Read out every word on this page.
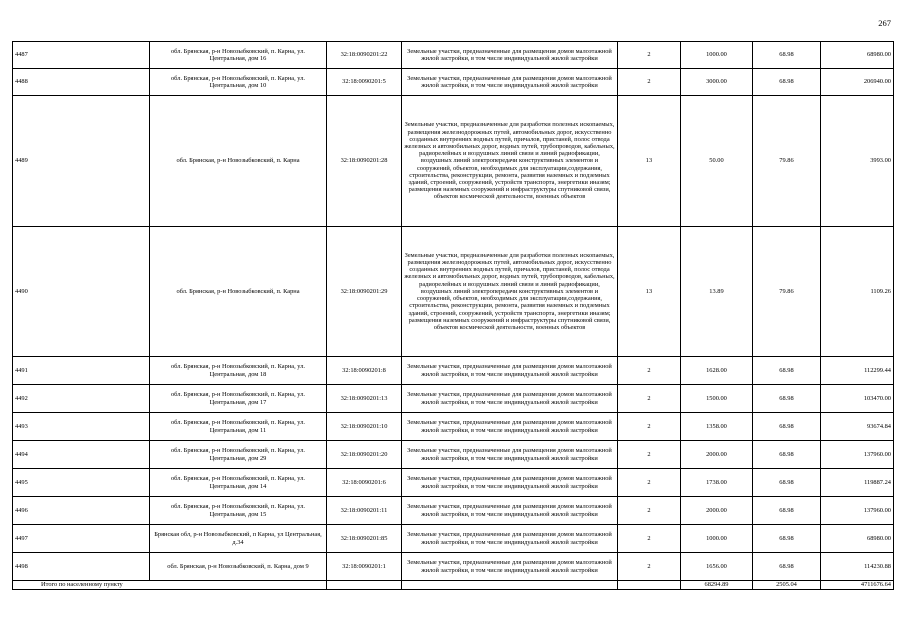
267
4487	обл. Брянская, р-н Новозыбковский, п. Карна, ул. Центральная, дом 16	32:18:0090201:22	Земельные участки, предназначенные для размещения домов малоэтажной жилой застройки, в том числе индивидуальной жилой застройки	2	1000.00	68.98	68980.00
4488	обл. Брянская, р-н Новозыбковский, п. Карна, ул. Центральная, дом 10	32:18:0090201:5	Земельные участки, предназначенные для размещения домов малоэтажной жилой застройки, в том числе индивидуальной жилой застройки	2	3000.00	68.98	206940.00
4489	обл. Брянская, р-н Новозыбковский, п. Карна	32:18:0090201:28	Земельные участки, предназначенные для разработки полезных ископаемых, размещения железнодорожных путей, автомобильных дорог, искусственно созданных внутренних водных путей, причалов, пристаней, полос отвода железных и автомобильных дорог, водных путей, трубопроводов, кабельных, радиорелейных и воздушных линий связи и линий радиофикации, воздушных линий электропередачи конструктивных элементов и сооружений, объектов, необходимых для эксплуатации,содержания, строительства, реконструкции, ремонта, развития наземных и подземных зданий, строений, сооружений, устройств транспорта, энергетики иназям; размещения наземных сооружений и инфраструктуры спутниковой связи, объектов космической деятельности, военных объектов	13	50.00	79.86	3993.00
4490	обл. Брянская, р-н Новозыбковский, п. Карна	32:18:0090201:29	Земельные участки, предназначенные для разработки полезных ископаемых, размещения железнодорожных путей, автомобильных дорог, искусственно созданных внутренних водных путей, причалов, пристаней, полос отвода железных и автомобильных дорог, водных путей, трубопроводов, кабельных, радиорелейных и воздушных линий связи и линий радиофикации, воздушных линий электропередачи конструктивных элементов и сооружений, объектов, необходимых для эксплуатации,содержания, строительства, реконструкции, ремонта, развития наземных и подземных зданий, строений, сооружений, устройств транспорта, энергетики иназям; размещения наземных сооружений и инфраструктуры спутниковой связи, объектов космической деятельности, военных объектов	13	13.89	79.86	1109.26
4491	обл. Брянская, р-н Новозыбковский, п. Карна, ул. Центральная, дом 18	32:18:0090201:8	Земельные участки, предназначенные для размещения домов малоэтажной жилой застройки, в том числе индивидуальной жилой застройки	2	1628.00	68.98	112299.44
4492	обл. Брянская, р-н Новозыбковский, п. Карна, ул. Центральная, дом 17	32:18:0090201:13	Земельные участки, предназначенные для размещения домов малоэтажной жилой застройки, в том числе индивидуальной жилой застройки	2	1500.00	68.98	103470.00
4493	обл. Брянская, р-н Новозыбковский, п. Карна, ул. Центральная, дом 11	32:18:0090201:10	Земельные участки, предназначенные для размещения домов малоэтажной жилой застройки, в том числе индивидуальной жилой застройки	2	1358.00	68.98	93674.84
4494	обл. Брянская, р-н Новозыбковский, п. Карна, ул. Центральная, дом 29	32:18:0090201:20	Земельные участки, предназначенные для размещения домов малоэтажной жилой застройки, в том числе индивидуальной жилой застройки	2	2000.00	68.98	137960.00
4495	обл. Брянская, р-н Новозыбковский, п. Карна, ул. Центральная, дом 14	32:18:0090201:6	Земельные участки, предназначенные для размещения домов малоэтажной жилой застройки, в том числе индивидуальной жилой застройки	2	1738.00	68.98	119887.24
4496	обл. Брянская, р-н Новозыбковский, п. Карна, ул. Центральная, дом 15	32:18:0090201:11	Земельные участки, предназначенные для размещения домов малоэтажной жилой застройки, в том числе индивидуальной жилой застройки	2	2000.00	68.98	137960.00
4497	Брянская обл, р-н Новозыбковский, п Карна, ул Центральная, д.34	32:18:0090201:85	Земельные участки, предназначенные для размещения домов малоэтажной жилой застройки, в том числе индивидуальной жилой застройки	2	1000.00	68.98	68980.00
4498	обл. Брянская, р-н Новозыбковский, п. Карна, дом 9	32:18:0090201:1	Земельные участки, предназначенные для размещения домов малоэтажной жилой застройки, в том числе индивидуальной жилой застройки	2	1656.00	68.98	114230.88
Итого по населенному пункту					68294.89	2505.04	4711676.64
